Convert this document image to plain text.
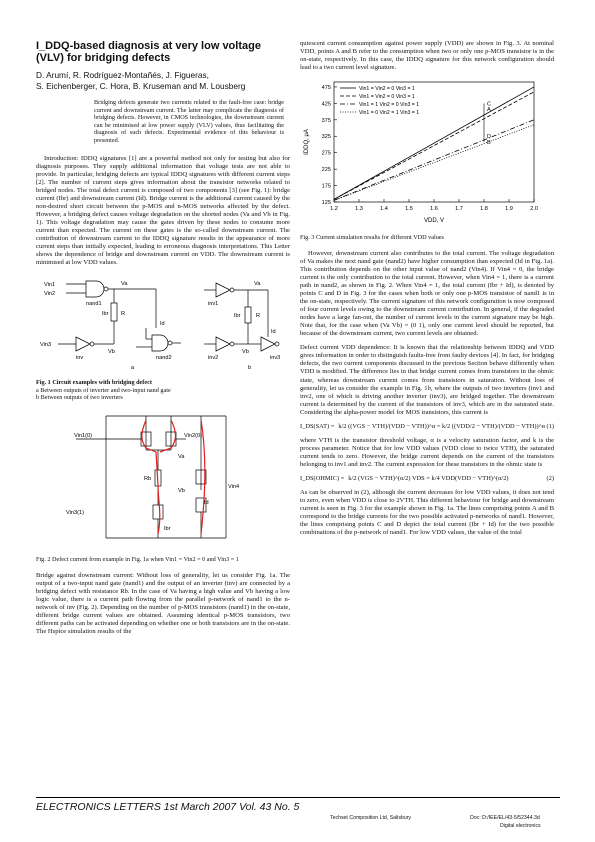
I_DDQ-based diagnosis at very low voltage (VLV) for bridging defects
D. Arumí, R. Rodríguez-Montañés, J. Figueras,
S. Eichenberger, C. Hora, B. Kruseman and M. Lousberg
Bridging defects generate two currents related to the fault-free case: bridge current and downstream current. The latter may complicate the diagnosis of bridging defects. However, in CMOS technologies, the downstream current can be minimised at low power supply (VLV) values, thus facilitating the diagnosis of such defects. Experimental evidence of this behaviour is presented.

Introduction: IDDQ signatures [1] are a powerful method not only for testing but also for diagnosis purposes. They supply additional information that voltage tests are not able to provide. In particular, bridging defects are typical IDDQ signatures with different current steps [2]. The number of current steps gives information about the transistor networks related to bridged nodes. The total defect current is composed of two components [3] (see Fig. 1): bridge current (Ibr) and downstream current (Id). Bridge current is the additional current caused by the non-desired short circuit between the p-MOS and n-MOS networks affected by the defect. However, a bridging defect causes voltage degradation on the shorted nodes (Va and Vb in Fig. 1). This voltage degradation may cause the gates driven by these nodes to consume more current than expected. The current on these gates is the so-called downstream current. The contribution of downstream current to the IDDQ signature results in the appearance of more current steps than initially expected, leading to erroneous diagnosis interpretations. This Letter shows the dependence of bridge and downstream current on VDD. The downstream current is minimised at low VDD values.

Vin1
Vin2
nand1
Va
R
Ibr
Id
Vin3
inv
Vb
nand2
a
inv1
Va
R
Ibr
Id
inv2
Vb
inv3
b
Fig. 1 Circuit examples with bridging defect
a Between outputs of inverter and two-input nand gate
b Between outputs of two inverters
Vin1(0)	Vin2(0)
Va
Rb
Vb
Vin4
Id
Vin3(1)
Ibr
Fig. 2 Defect current from example in Fig. 1a when Vin1 = Vin2 = 0 and Vin3 = 1

Bridge against downstream current: Without loss of generality, let us consider Fig. 1a. The output of a two-input nand gate (nand1) and the output of an inverter (inv) are connected by a bridging defect with resistance Rb. In the case of Va having a high value and Vb having a low logic value, there is a current path flowing from the parallel p-network of nand1 to the n-network of inv (Fig. 2). Depending on the number of p-MOS transistors (nand1) in the on-state, different bridge current values are obtained. Assuming identical p-MOS transistors, two different paths can be activated depending on whether one or both transistors are in the on-state. The Hspice simulation results of the

quiescent current consumption against power supply (VDD) are shown in Fig. 3. At nominal VDD, points A and B refer to the consumption when two or only one p-MOS transistor is in the on-state, respectively. In this case, the IDDQ signature for this network configuration should lead to a two current level signature.

1.2	1.3	1.4	1.5	1.6	1.7	1.8	1.9	2.0
125
175
225
275
325
375
425
475	Vin1 = Vin2 = 0 Vin3 = 1
Vin1 = Vin2 = 0 Vin3 = 1
Vin1 = 1 Vin2 = 0 Vin3 = 1
Vin1 = 0 Vin2 = 1 Vin3 = 1
C
A
D
B
VDD, V
IDDQ, µA
Fig. 3 Current simulation results for different VDD values

However, downstream current also contributes to the total current. The voltage degradation of Va makes the next nand gate (nand2) have higher consumption than expected (Id in Fig. 1a). This contribution depends on the other input value of nand2 (Vin4). If Vin4 = 0, the bridge current is the only contribution to the total current. However, when Vin4 = 1, there is a current path in nand2, as shown in Fig. 2. When Vin4 = 1, the total current (Ibr + Id), is denoted by points C and D in Fig. 3 for the cases when both or only one p-MOS transistor of nand1 is in the on-state, respectively. The current signature of this network configuration is now composed of four current levels owing to the downstream current contribution. In general, if the degraded nodes have a large fan-out, the number of current levels in the current signature may be high. Note that, for the case when (Va Vb) = (0 1), only one current level should be reported, but because of the downstream current, two current levels are obtained.

Defect current VDD dependence: It is known that the relationship between IDDQ and VDD gives information in order to distinguish faults-free from faulty devices [4]. In fact, for bridging defects, the two current components discussed in the previous Section behave differently when VDD is modified. The difference lies in that bridge current comes from transistors in the ohmic state, whereas downstream current comes from transistors in saturation. Without loss of generality, let us consider the example in Fig. 1b, where the outputs of two inverters (inv1 and inv2, one of which is driving another inverter (inv3), are bridged together. The downstream current is determined by the current of the transistors of inv3, which are in the saturated state. Considering the alpha-power model for MOS transistors, this current is

I_DS(SAT) = k/2 ((VGS − VTH)/(VDD − VTH))^α = k/2 ((VDD/2 − VTH)/(VDD − VTH))^α (1)

where VTH is the transistor threshold voltage, α is a velocity saturation factor, and k is the process parameter. Notice that for low VDD values (VDD close to twice VTH), the saturated current tends to zero. However, the bridge current depends on the current of the transistors belonging to inv1 and inv2. The current expression for these transistors in the ohmic state is

I_DS(OHMIC) = k/2 (VGS − VTH)^(α/2) VDS = k/4 VDD(VDD − VTH)^(α/2)	(2)

As can be observed in (2), although the current decreases for low VDD values, it does not tend to zero, even when VDD is close to 2VTH. This different behaviour for bridge and downstream current is seen in Fig. 3 for the example shown in Fig. 1a. The lines comprising points A and B correspond to the bridge currents for the two possible activated p-networks of nand1. However, the lines comprising points C and D depict the total current (Ibr + Id) for the two possible combinations of the p-network of nand1. For low VDD values, the value of the total

ELECTRONICS LETTERS 1st March 2007 Vol. 43 No. 5
Techset Composition Ltd, Salisbury	Doc: D:/IEE/EL/43-5/52344.3d
Digital electronics
